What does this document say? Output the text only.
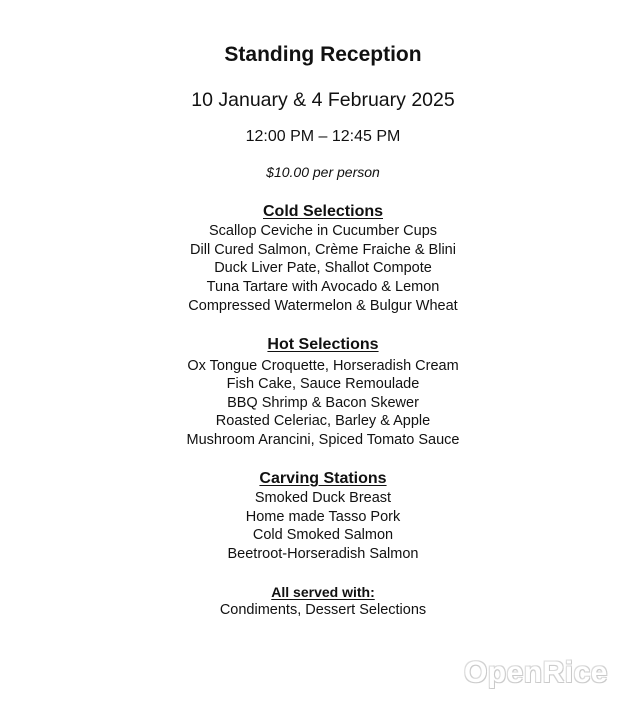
Standing Reception
10 January & 4 February 2025
12:00 PM – 12:45 PM
$10.00 per person
Cold Selections
Scallop Ceviche in Cucumber Cups
Dill Cured Salmon, Crème Fraiche & Blini
Duck Liver Pate, Shallot Compote
Tuna Tartare with Avocado & Lemon
Compressed Watermelon & Bulgur Wheat
Hot Selections
Ox Tongue Croquette, Horseradish Cream
Fish Cake, Sauce Remoulade
BBQ Shrimp & Bacon Skewer
Roasted Celeriac, Barley & Apple
Mushroom Arancini, Spiced Tomato Sauce
Carving Stations
Smoked Duck Breast
Home made Tasso Pork
Cold Smoked Salmon
Beetroot-Horseradish Salmon
All served with:
Condiments, Dessert Selections
OpenRice
